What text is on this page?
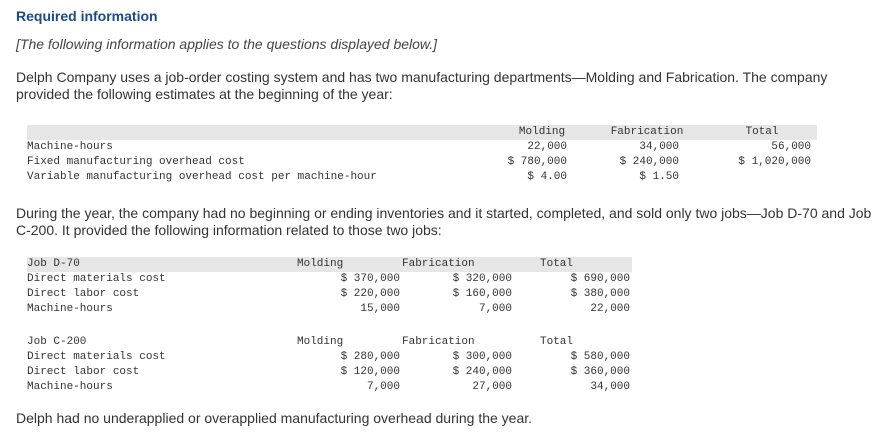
Required information
[The following information applies to the questions displayed below.]

Delph Company uses a job-order costing system and has two manufacturing departments—Molding and Fabrication. The company provided the following estimates at the beginning of the year:

	Molding	Fabrication	Total
Machine-hours	22,000	34,000	56,000
Fixed manufacturing overhead cost	$ 780,000	$ 240,000	$ 1,020,000
Variable manufacturing overhead cost per machine-hour	$ 4.00	$ 1.50	

During the year, the company had no beginning or ending inventories and it started, completed, and sold only two jobs—Job D-70 and Job C-200. It provided the following information related to those two jobs:

Job D-70	Molding	Fabrication	Total
Direct materials cost	$ 370,000	$ 320,000	$ 690,000
Direct labor cost	$ 220,000	$ 160,000	$ 380,000
Machine-hours	15,000	7,000	22,000
Job C-200	Molding	Fabrication	Total
Direct materials cost	$ 280,000	$ 300,000	$ 580,000
Direct labor cost	$ 120,000	$ 240,000	$ 360,000
Machine-hours	7,000	27,000	34,000

Delph had no underapplied or overapplied manufacturing overhead during the year.
